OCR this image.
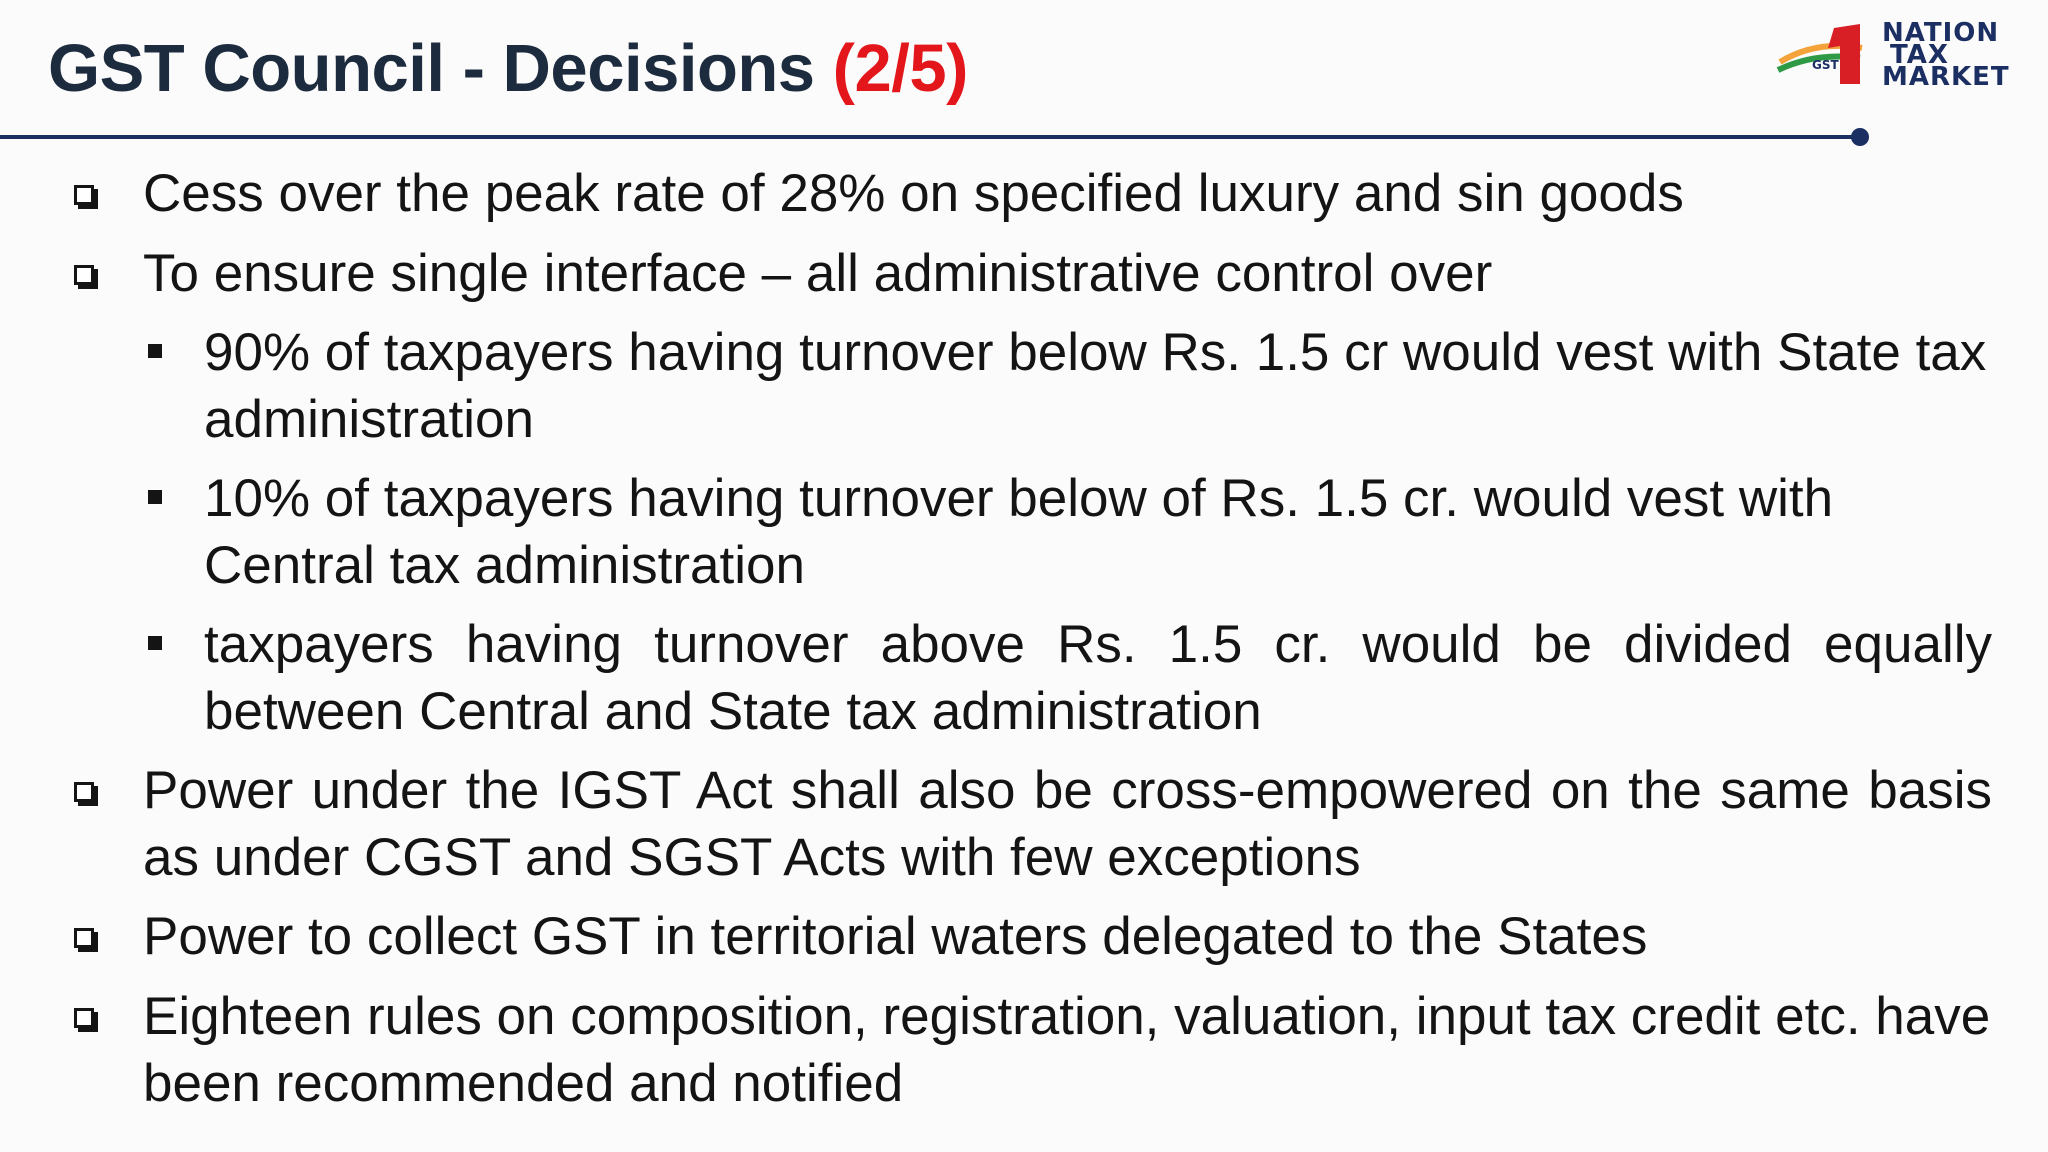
GST Council - Decisions (2/5)	GST
NATION
TAX
MARKET
Cess over the peak rate of 28% on specified luxury and sin goods
To ensure single interface – all administrative control over
90% of taxpayers having turnover below Rs. 1.5 cr would vest with State tax administration
10% of taxpayers having turnover below of Rs. 1.5 cr. would vest with Central tax administration
taxpayers having turnover above Rs. 1.5 cr. would be divided equally between Central and State tax administration
Power under the IGST Act shall also be cross-empowered on the same basis as under CGST and SGST Acts with few exceptions
Power to collect GST in territorial waters delegated to the States
Eighteen rules on composition, registration, valuation, input tax credit etc. have been recommended and notified
